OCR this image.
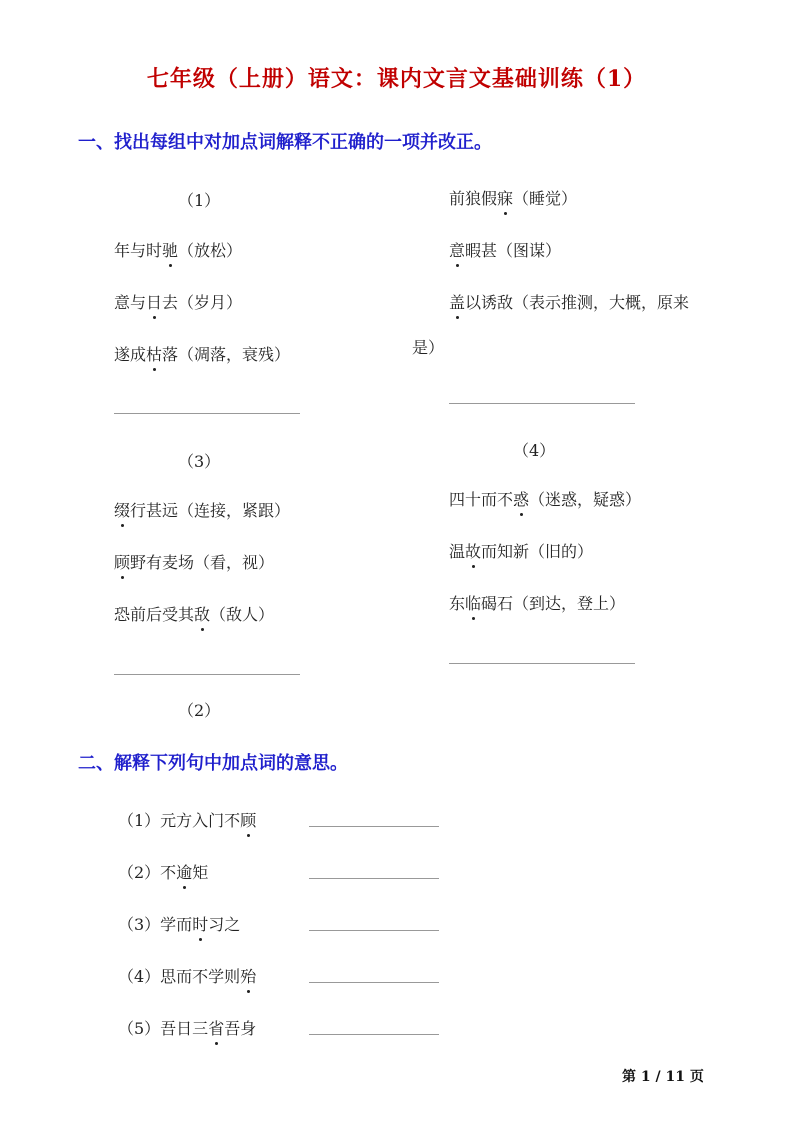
七年级（上册）语文：课内文言文基础训练（1）
一、找出每组中对加点词解释不正确的一项并改正。
（1）
年与时驰（放松）
意与日去（岁月）
遂成枯落（凋落，衰残）
前狼假寐（睡觉）
意暇甚（图谋）
盖以诱敌（表示推测，大概，原来
是）
（3）
缀行甚远（连接，紧跟）
顾野有麦场（看，视）
恐前后受其敌（敌人）
（2）
（4）
四十而不惑（迷惑，疑惑）
温故而知新（旧的）
东临碣石（到达，登上）
二、解释下列句中加点词的意思。
（1）元方入门不顾
（2）不逾矩
（3）学而时习之
（4）思而不学则殆
（5）吾日三省吾身
第 1 / 11 页
